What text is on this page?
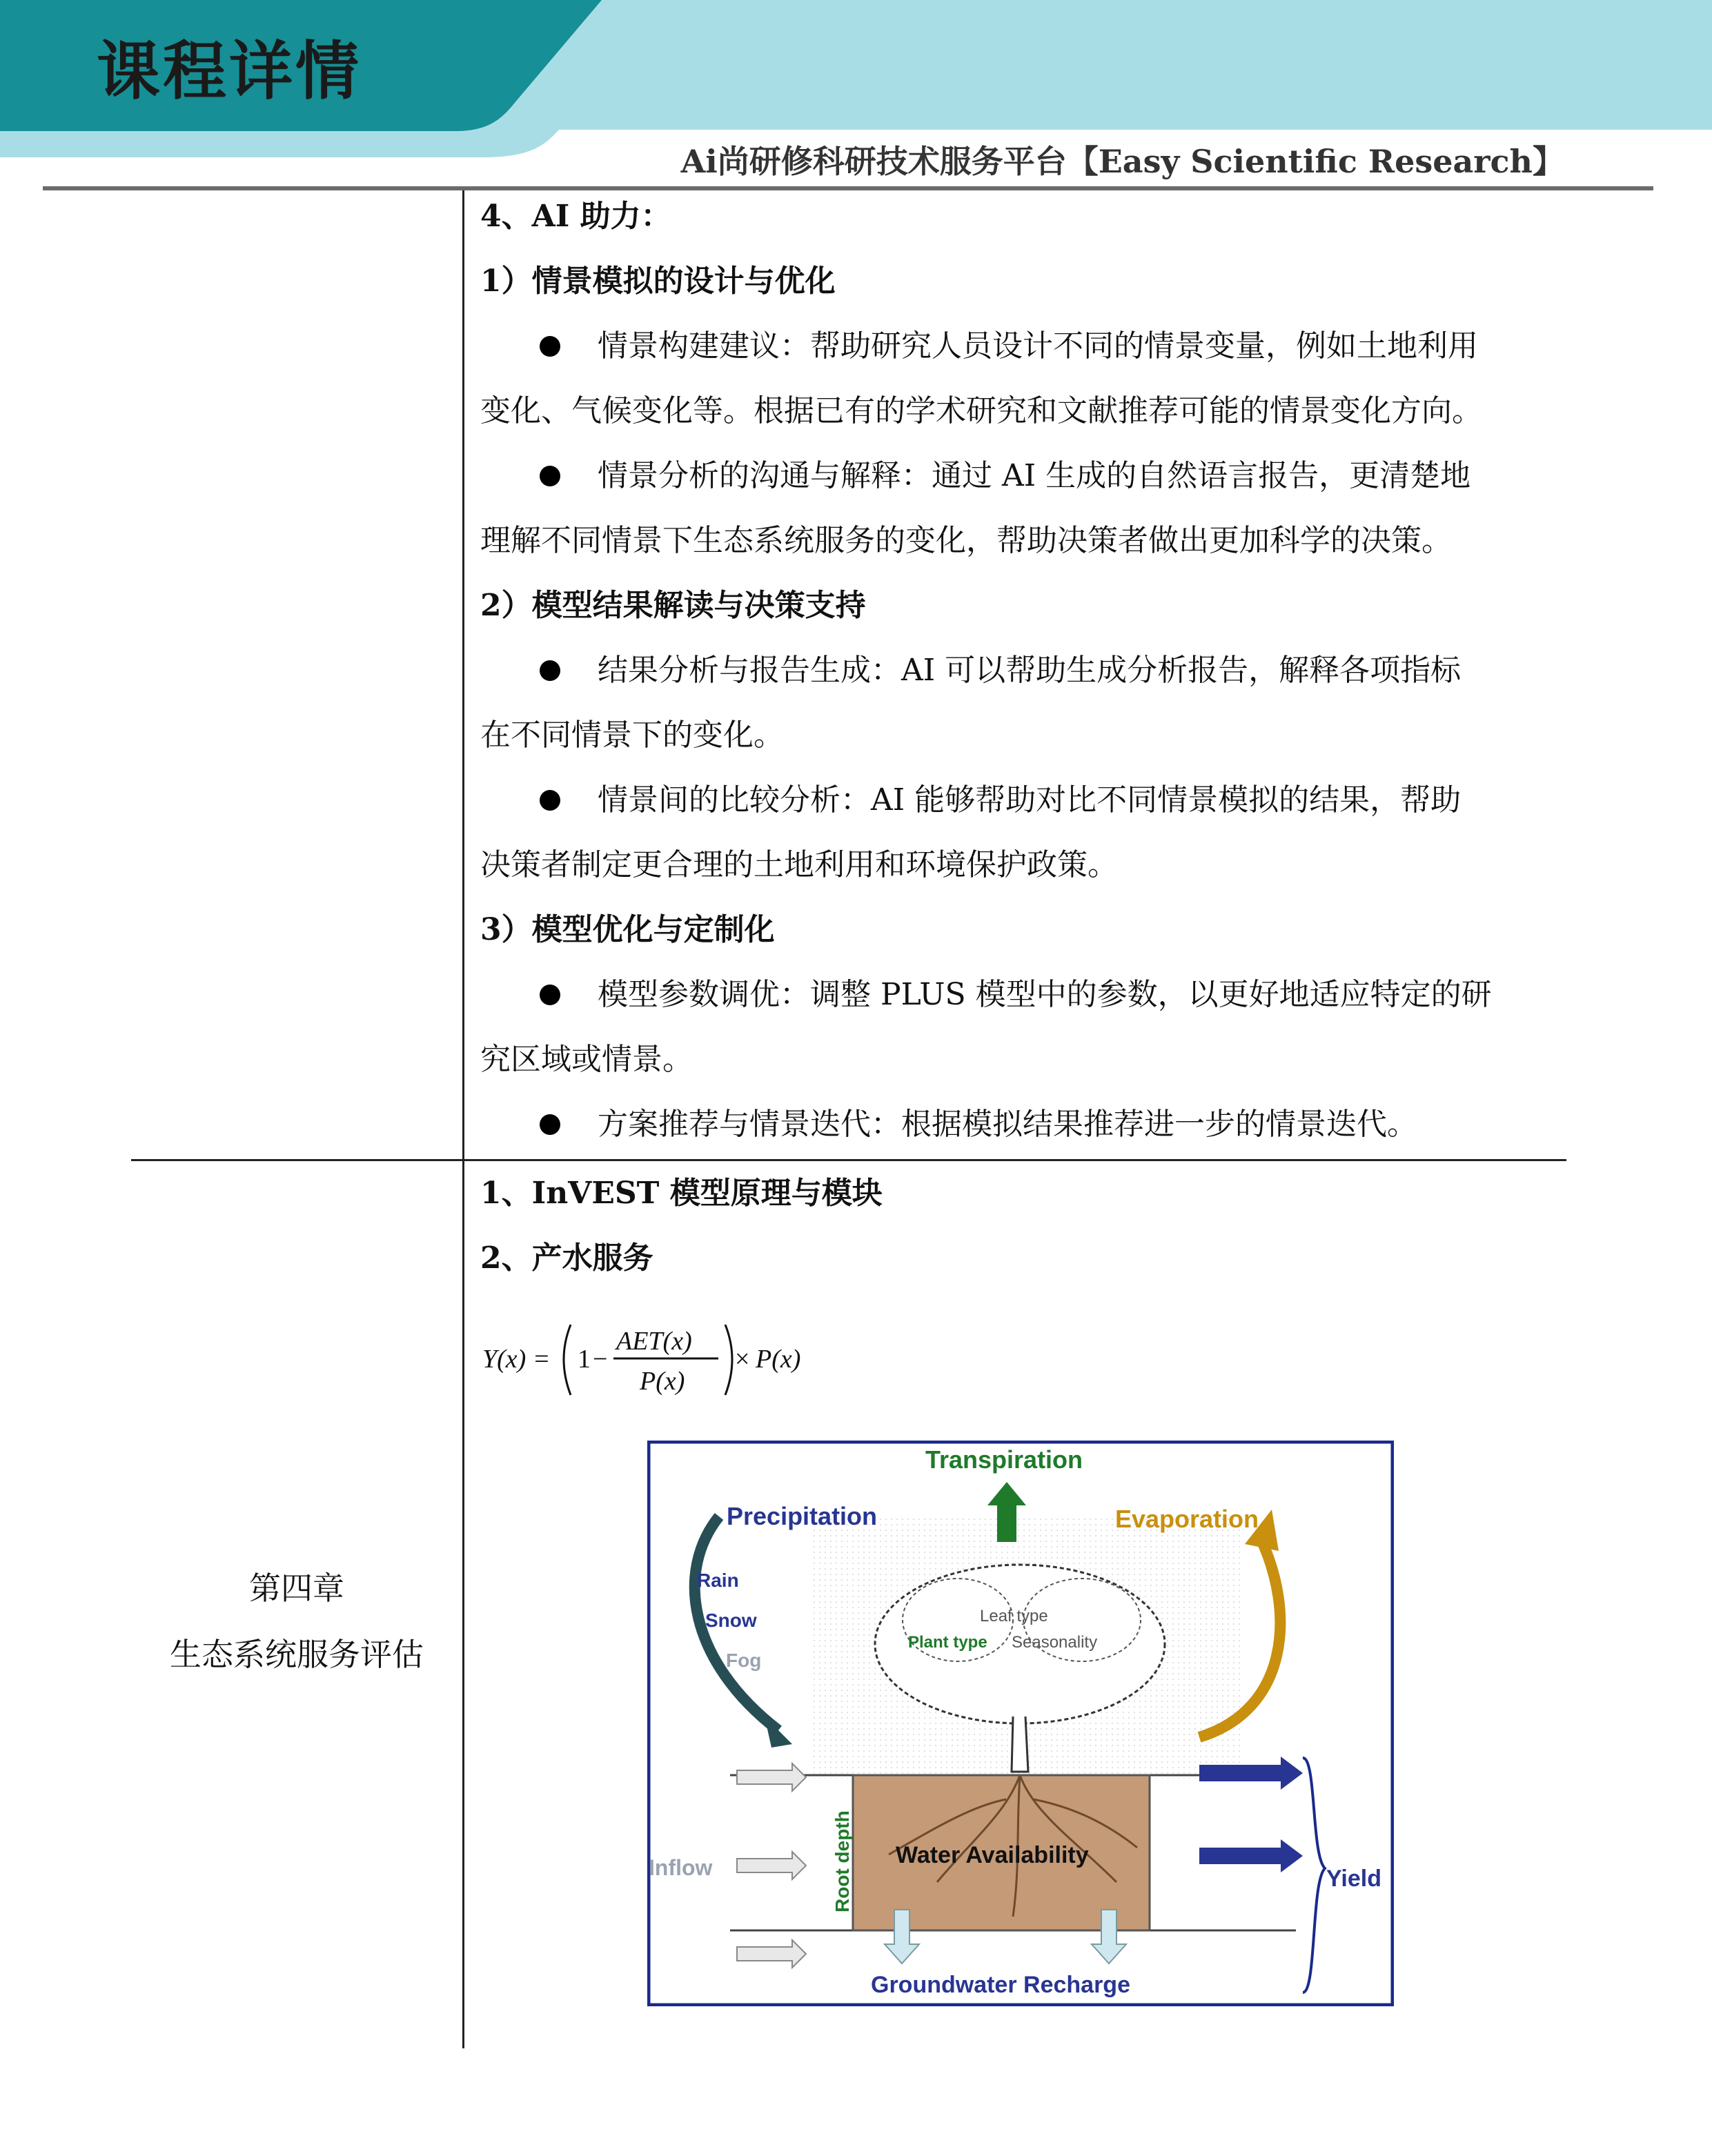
课程详情
Ai尚研修科研技术服务平台【Easy Scientific Research】
4、AI 助力：
1）情景模拟的设计与优化
情景构建建议：帮助研究人员设计不同的情景变量，例如土地利用
变化、气候变化等。根据已有的学术研究和文献推荐可能的情景变化方向。
情景分析的沟通与解释：通过 AI 生成的自然语言报告，更清楚地
理解不同情景下生态系统服务的变化，帮助决策者做出更加科学的决策。
2）模型结果解读与决策支持
结果分析与报告生成：AI 可以帮助生成分析报告，解释各项指标
在不同情景下的变化。
情景间的比较分析：AI 能够帮助对比不同情景模拟的结果，帮助
决策者制定更合理的土地利用和环境保护政策。
3）模型优化与定制化
模型参数调优：调整 PLUS 模型中的参数，以更好地适应特定的研
究区域或情景。
方案推荐与情景迭代：根据模拟结果推荐进一步的情景迭代。
第四章
生态系统服务评估
1、InVEST 模型原理与模块
2、产水服务
Y(x) = 1 −
AET(x)
P(x)
× P(x)
Transpiration
Precipitation
Rain
Snow
Fog
Evaporation
Leaf type
Plant type Seasonality
Water Availability
Root depth
Inflow	Yield
Groundwater Recharge
